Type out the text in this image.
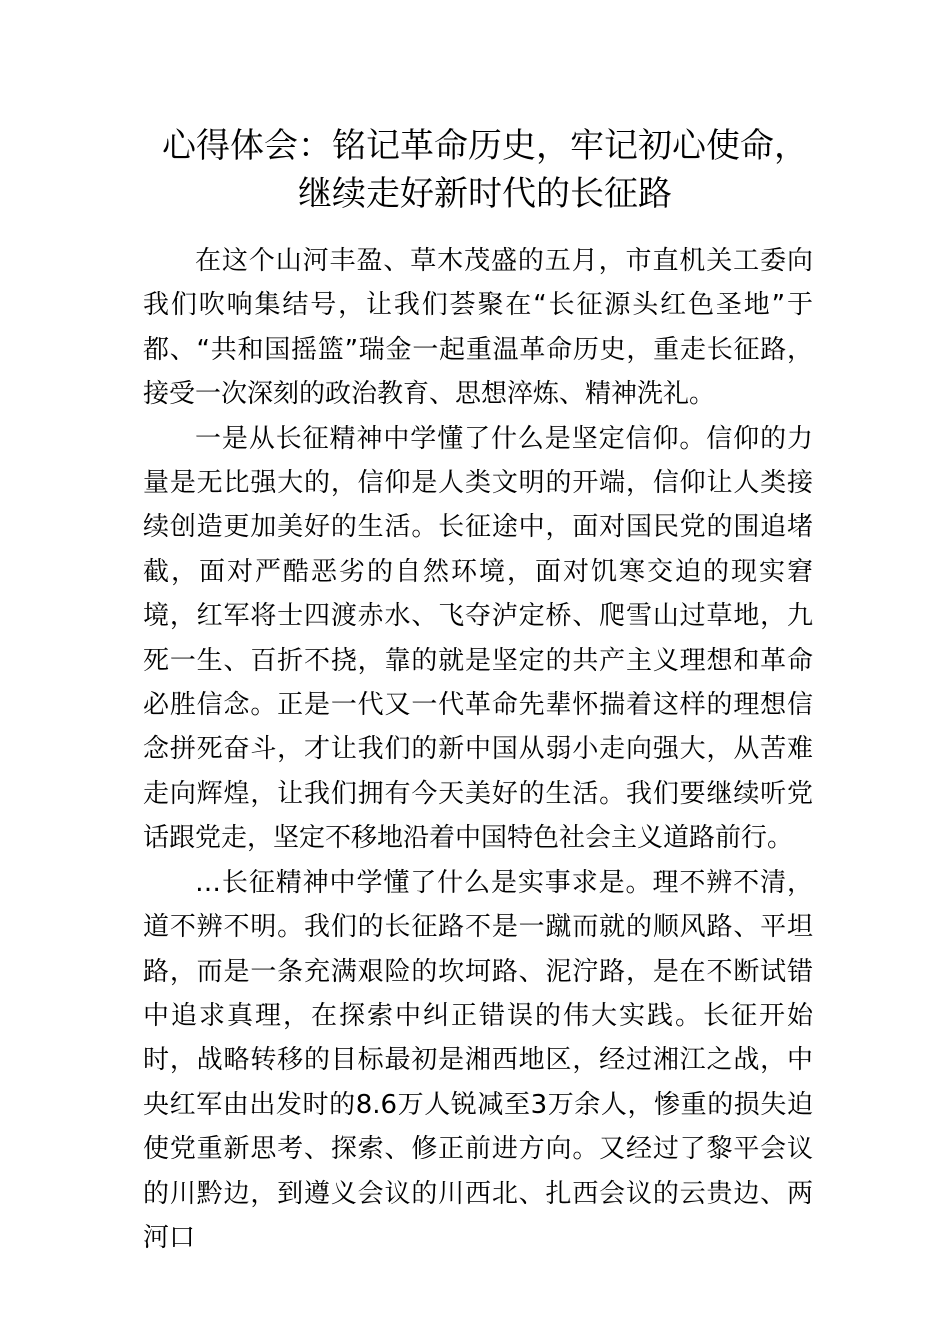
心得体会：铭记革命历史，牢记初心使命，
继续走好新时代的长征路

在这个山河丰盈、草木茂盛的五月，市直机关工委向我们吹响集结号，让我们荟聚在“长征源头红色圣地”于都、“共和国摇篮”瑞金一起重温革命历史，重走长征路，接受一次深刻的政治教育、思想淬炼、精神洗礼。

一是从长征精神中学懂了什么是坚定信仰。信仰的力量是无比强大的，信仰是人类文明的开端，信仰让人类接续创造更加美好的生活。长征途中，面对国民党的围追堵截，面对严酷恶劣的自然环境，面对饥寒交迫的现实窘境，红军将士四渡赤水、飞夺泸定桥、爬雪山过草地，九死一生、百折不挠，靠的就是坚定的共产主义理想和革命必胜信念。正是一代又一代革命先辈怀揣着这样的理想信念拼死奋斗，才让我们的新中国从弱小走向强大，从苦难走向辉煌，让我们拥有今天美好的生活。我们要继续听党话跟党走，坚定不移地沿着中国特色社会主义道路前行。

…长征精神中学懂了什么是实事求是。理不辨不清，道不辨不明。我们的长征路不是一蹴而就的顺风路、平坦路，而是一条充满艰险的坎坷路、泥泞路，是在不断试错中追求真理，在探索中纠正错误的伟大实践。长征开始时，战略转移的目标最初是湘西地区，经过湘江之战，中央红军由出发时的8.6万人锐减至3万余人，惨重的损失迫使党重新思考、探索、修正前进方向。又经过了黎平会议的川黔边，到遵义会议的川西北、扎西会议的云贵边、两河口
